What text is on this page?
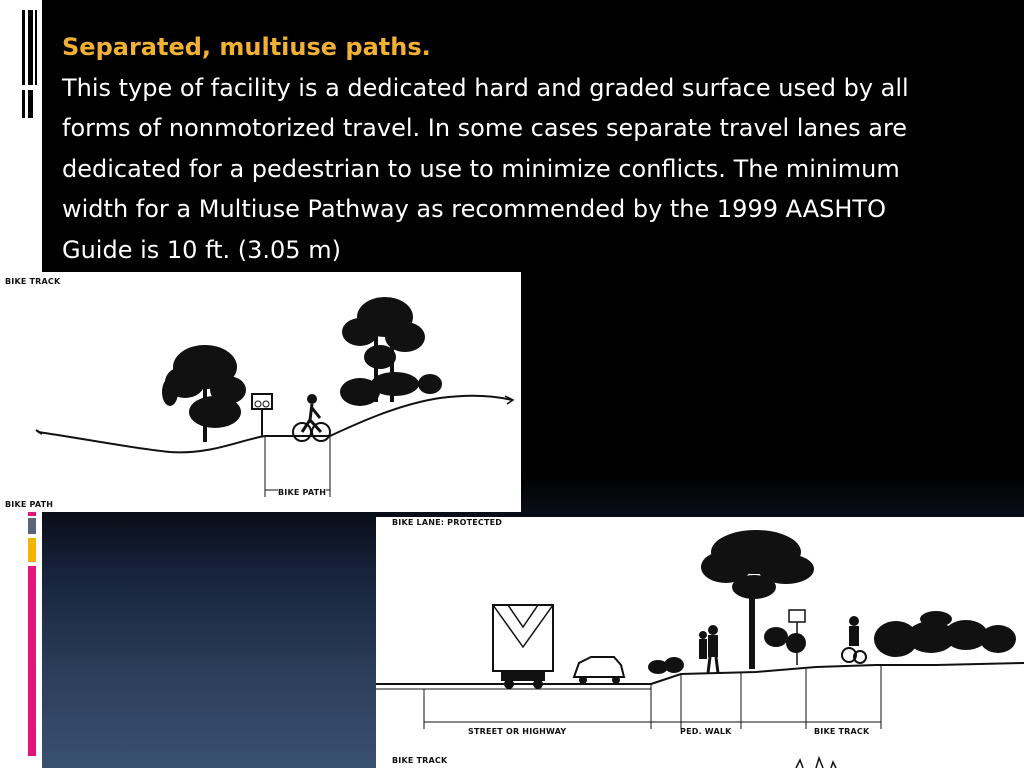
Separated, multiuse paths.
This type of facility is a dedicated hard and graded surface used by all forms of nonmotorized travel. In some cases separate travel lanes are dedicated for a pedestrian to use to minimize conflicts. The minimum width for a Multiuse Pathway as recommended by the 1999 AASHTO Guide is 10 ft. (3.05 m)
BIKE TRACK
BIKE PATH
BIKE PATH
BIKE LANE: PROTECTED
STREET OR HIGHWAY	PED. WALK	BIKE TRACK
BIKE TRACK
